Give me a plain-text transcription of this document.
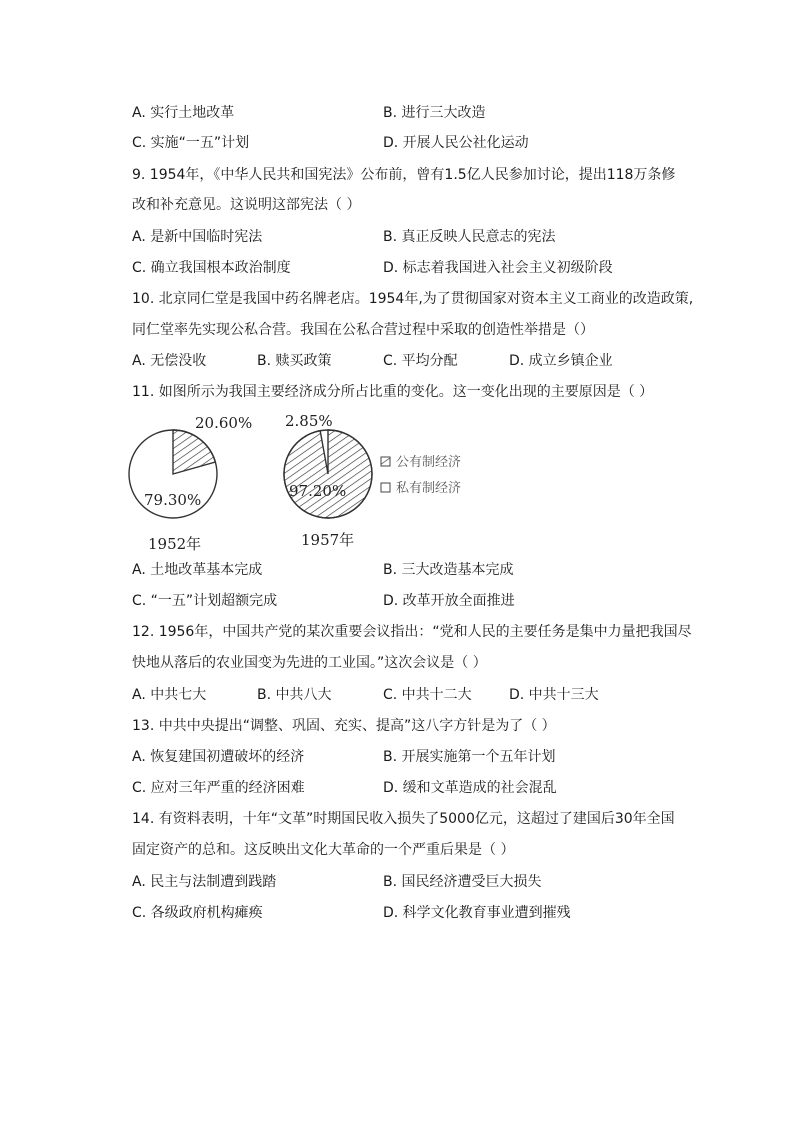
A. 实行土地改革	B. 进行三大改造
C. 实施“一五”计划	D. 开展人民公社化运动
9. 1954年，《中华人民共和国宪法》公布前，曾有1.5亿人民参加讨论，提出118万条修
改和补充意见。这说明这部宪法（ ）
A. 是新中国临时宪法	B. 真正反映人民意志的宪法
C. 确立我国根本政治制度	D. 标志着我国进入社会主义初级阶段
10. 北京同仁堂是我国中药名牌老店。1954年,为了贯彻国家对资本主义工商业的改造政策,
同仁堂率先实现公私合营。我国在公私合营过程中采取的创造性举措是（）
A. 无偿没收	B. 赎买政策	C. 平均分配	D. 成立乡镇企业
11. 如图所示为我国主要经济成分所占比重的变化。这一变化出现的主要原因是（ ）
20.60%
79.30%
1952年
2.85%
97.20%
1957年
公有制经济
私有制经济
A. 土地改革基本完成	B. 三大改造基本完成
C. “一五”计划超额完成	D. 改革开放全面推进
12. 1956年，中国共产党的某次重要会议指出：“党和人民的主要任务是集中力量把我国尽
快地从落后的农业国变为先进的工业国。”这次会议是（ ）
A. 中共七大	B. 中共八大	C. 中共十二大	D. 中共十三大
13. 中共中央提出“调整、巩固、充实、提高”这八字方针是为了（ ）
A. 恢复建国初遭破坏的经济	B. 开展实施第一个五年计划
C. 应对三年严重的经济困难	D. 缓和文革造成的社会混乱
14. 有资料表明，十年“文革”时期国民收入损失了5000亿元，这超过了建国后30年全国
固定资产的总和。这反映出文化大革命的一个严重后果是（ ）
A. 民主与法制遭到践踏	B. 国民经济遭受巨大损失
C. 各级政府机构瘫痪	D. 科学文化教育事业遭到摧残
